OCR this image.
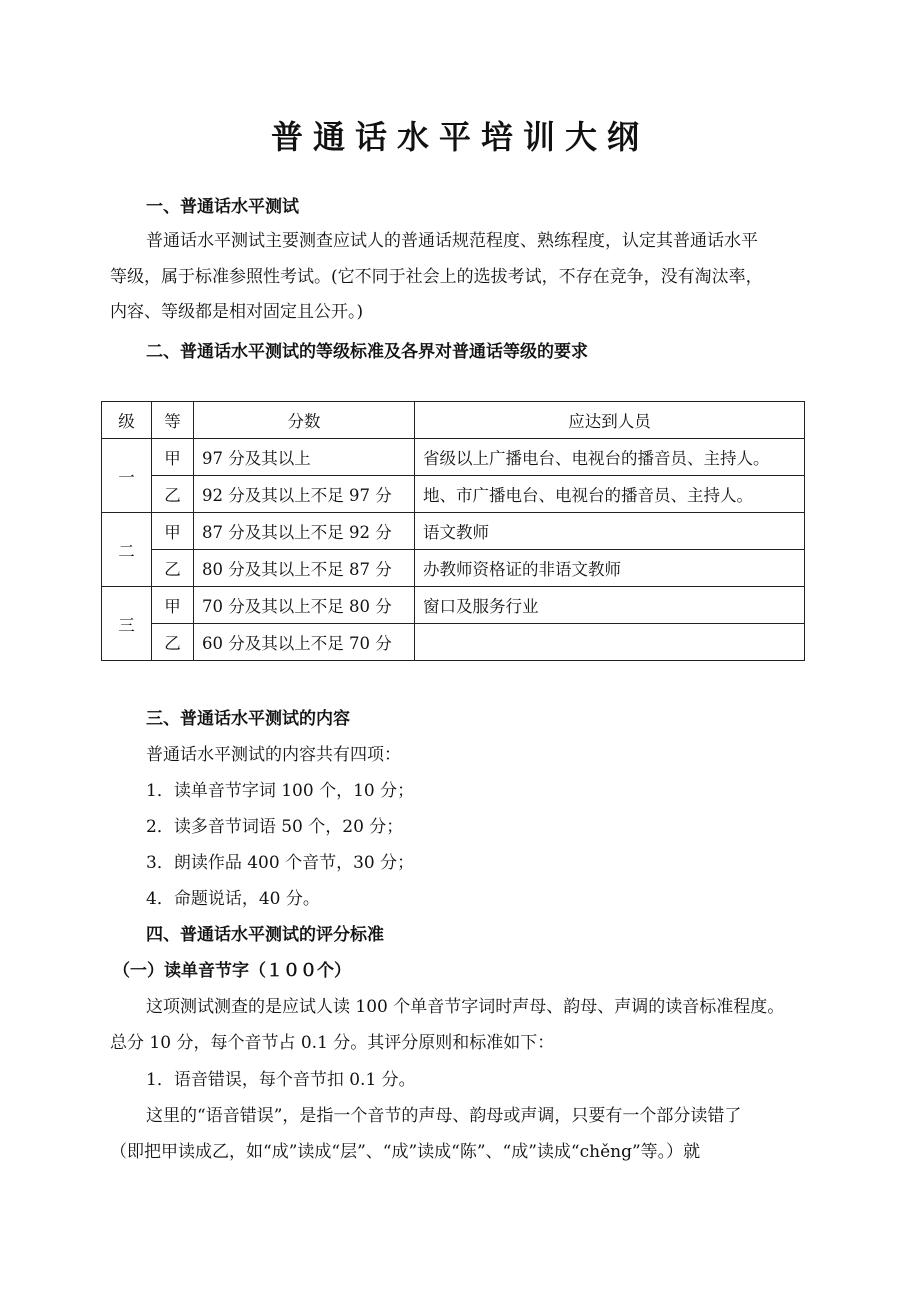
普通话水平培训大纲
一、普通话水平测试
普通话水平测试主要测查应试人的普通话规范程度、熟练程度，认定其普通话水平
等级，属于标准参照性考试。(它不同于社会上的选拔考试，不存在竞争，没有淘汰率，
内容、等级都是相对固定且公开。)
二、普通话水平测试的等级标准及各界对普通话等级的要求
级	等	分数	应达到人员
一	甲	97 分及其以上	省级以上广播电台、电视台的播音员、主持人。
	乙	92 分及其以上不足 97 分	地、市广播电台、电视台的播音员、主持人。
二	甲	87 分及其以上不足 92 分	语文教师
	乙	80 分及其以上不足 87 分	办教师资格证的非语文教师
三	甲	70 分及其以上不足 80 分	窗口及服务行业
	乙	60 分及其以上不足 70 分	
三、普通话水平测试的内容
普通话水平测试的内容共有四项：
1．读单音节字词 100 个，10 分；
2．读多音节词语 50 个，20 分；
3．朗读作品 400 个音节，30 分；
4．命题说话，40 分。
四、普通话水平测试的评分标准
（一）读单音节字（１００个）
这项测试测查的是应试人读 100 个单音节字词时声母、韵母、声调的读音标准程度。
总分 10 分，每个音节占 0.1 分。其评分原则和标准如下：
1．语音错误，每个音节扣 0.1 分。
这里的“语音错误”，是指一个音节的声母、韵母或声调，只要有一个部分读错了
（即把甲读成乙，如“成”读成“层”、“成”读成“陈”、“成”读成“chěng”等。）就
